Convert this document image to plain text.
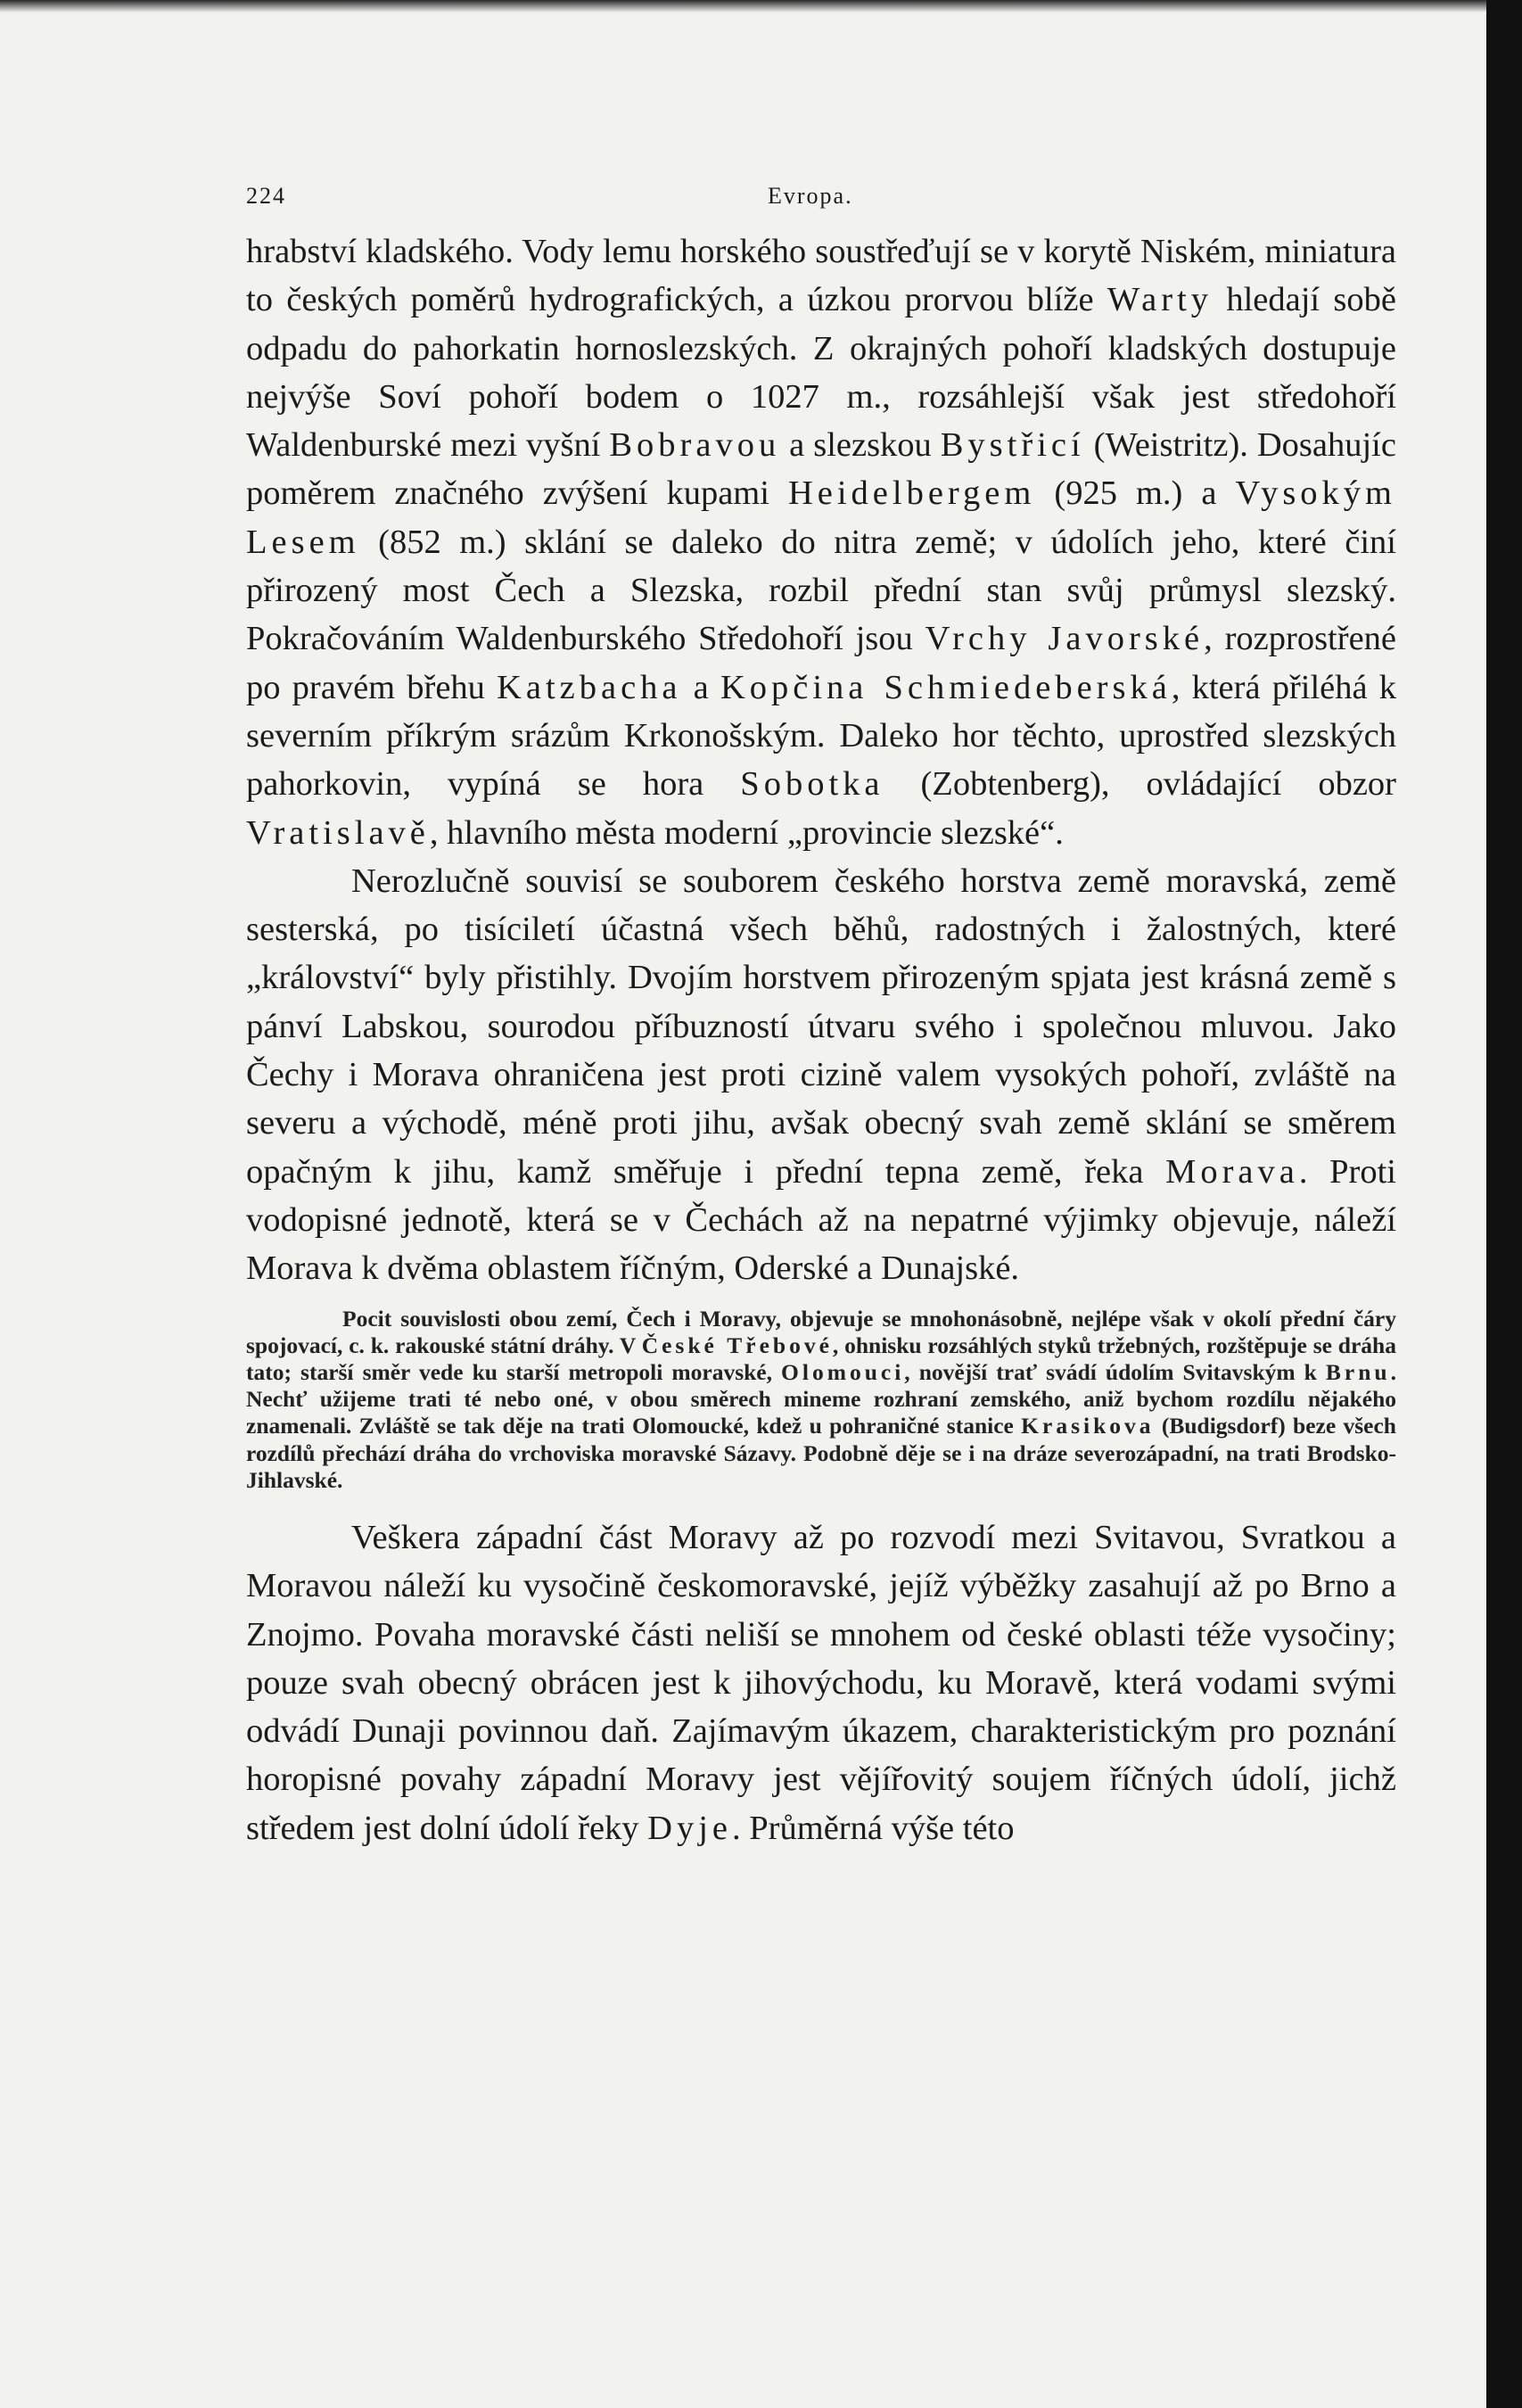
224	Evropa.

hrabství kladského. Vody lemu horského soustřeďují se v korytě Niském, miniatura to českých poměrů hydrografických, a úzkou prorvou blíže Warty hledají sobě odpadu do pahorkatin hornoslezských. Z okrajných pohoří kladských dostupuje nejvýše Soví pohoří bodem o 1027 m., rozsáhlejší však jest středohoří Waldenburské mezi vyšní Bobravou a slezskou Bystřicí (Weistritz). Dosahujíc poměrem značného zvýšení kupami Heidelbergem (925 m.) a Vysokým Lesem (852 m.) sklání se daleko do nitra země; v údolích jeho, které činí přirozený most Čech a Slezska, rozbil přední stan svůj průmysl slezský. Pokračováním Waldenburského Středohoří jsou Vrchy Javorské, rozprostřené po pravém břehu Katzbacha a Kopčina Schmiedeberská, která přiléhá k severním příkrým srázům Krkonošským. Daleko hor těchto, uprostřed slezských pahorkovin, vypíná se hora Sobotka (Zobtenberg), ovládající obzor Vratislavě, hlavního města moderní „provincie slezské“.

Nerozlučně souvisí se souborem českého horstva země moravská, země sesterská, po tisíciletí účastná všech běhů, radostných i žalostných, které „království“ byly přistihly. Dvojím horstvem přirozeným spjata jest krásná země s pánví Labskou, sourodou příbuzností útvaru svého i společnou mluvou. Jako Čechy i Morava ohraničena jest proti cizině valem vysokých pohoří, zvláště na severu a východě, méně proti jihu, avšak obecný svah země sklání se směrem opačným k jihu, kamž směřuje i přední tepna země, řeka Morava. Proti vodopisné jednotě, která se v Čechách až na nepatrné výjimky objevuje, náleží Morava k dvěma oblastem říčným, Oderské a Dunajské.

Pocit souvislosti obou zemí, Čech i Moravy, objevuje se mnohonásobně, nejlépe však v okolí přední čáry spojovací, c. k. rakouské státní dráhy. V České Třebové, ohnisku rozsáhlých styků tržebných, rozštěpuje se dráha tato; starší směr vede ku starší metropoli moravské, Olomouci, novější trať svádí údolím Svitavským k Brnu. Nechť užijeme trati té nebo oné, v obou směrech mineme rozhraní zemského, aniž bychom rozdílu nějakého znamenali. Zvláště se tak děje na trati Olomoucké, kdež u pohraničné stanice Krasikova (Budigsdorf) beze všech rozdílů přechází dráha do vrchoviska moravské Sázavy. Podobně děje se i na dráze severozápadní, na trati Brodsko-Jihlavské.

Veškera západní část Moravy až po rozvodí mezi Svitavou, Svratkou a Moravou náleží ku vysočině českomoravské, jejíž výběžky zasahují až po Brno a Znojmo. Povaha moravské části neliší se mnohem od české oblasti téže vysočiny; pouze svah obecný obrácen jest k jihovýchodu, ku Moravě, která vodami svými odvádí Dunaji povinnou daň. Zajímavým úkazem, charakteristickým pro poznání horopisné povahy západní Moravy jest vějířovitý soujem říčných údolí, jichž středem jest dolní údolí řeky Dyje. Průměrná výše této
